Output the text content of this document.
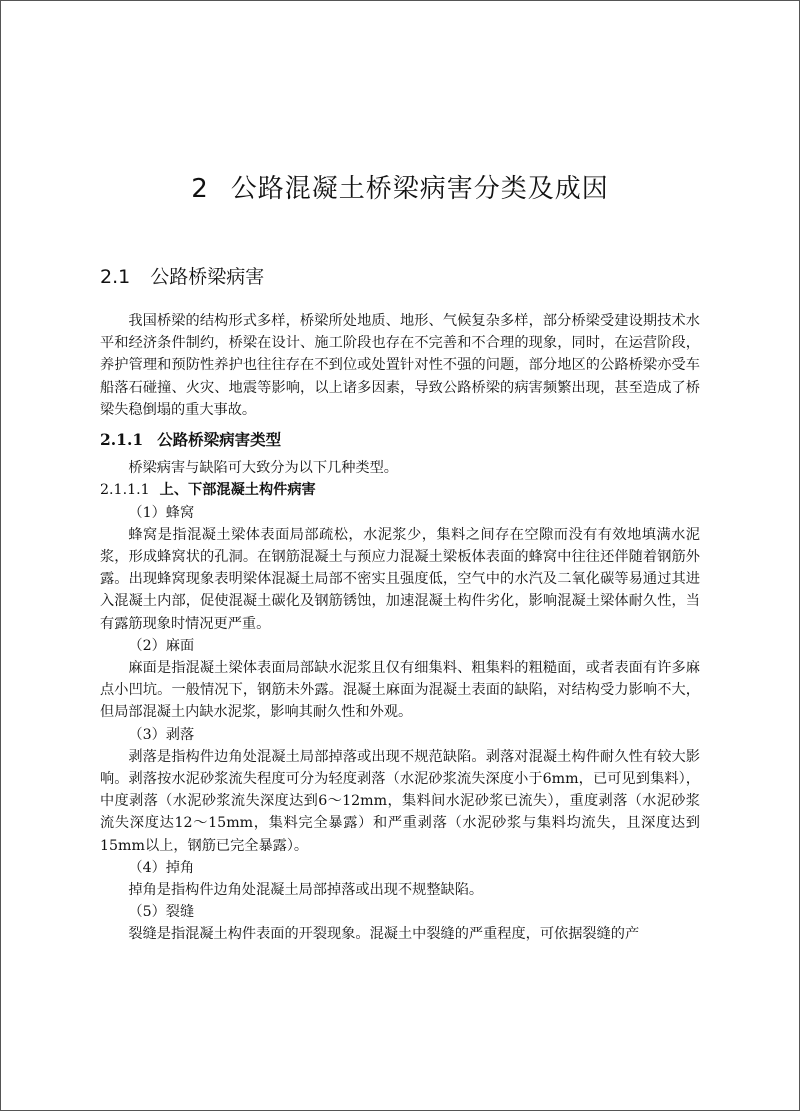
2 公路混凝土桥梁病害分类及成因
2.1 公路桥梁病害

我国桥梁的结构形式多样，桥梁所处地质、地形、气候复杂多样，部分桥梁受建设期技术水平和经济条件制约，桥梁在设计、施工阶段也存在不完善和不合理的现象，同时，在运营阶段，养护管理和预防性养护也往往存在不到位或处置针对性不强的问题，部分地区的公路桥梁亦受车船落石碰撞、火灾、地震等影响，以上诸多因素，导致公路桥梁的病害频繁出现，甚至造成了桥梁失稳倒塌的重大事故。

2.1.1 公路桥梁病害类型

桥梁病害与缺陷可大致分为以下几种类型。

2.1.1.1 上、下部混凝土构件病害

（1）蜂窝

蜂窝是指混凝土梁体表面局部疏松，水泥浆少，集料之间存在空隙而没有有效地填满水泥浆，形成蜂窝状的孔洞。在钢筋混凝土与预应力混凝土梁板体表面的蜂窝中往往还伴随着钢筋外露。出现蜂窝现象表明梁体混凝土局部不密实且强度低，空气中的水汽及二氧化碳等易通过其进入混凝土内部，促使混凝土碳化及钢筋锈蚀，加速混凝土构件劣化，影响混凝土梁体耐久性，当有露筋现象时情况更严重。

（2）麻面

麻面是指混凝土梁体表面局部缺水泥浆且仅有细集料、粗集料的粗糙面，或者表面有许多麻点小凹坑。一般情况下，钢筋未外露。混凝土麻面为混凝土表面的缺陷，对结构受力影响不大，但局部混凝土内缺水泥浆，影响其耐久性和外观。

（3）剥落

剥落是指构件边角处混凝土局部掉落或出现不规范缺陷。剥落对混凝土构件耐久性有较大影响。剥落按水泥砂浆流失程度可分为轻度剥落（水泥砂浆流失深度小于6mm，已可见到集料），中度剥落（水泥砂浆流失深度达到6～12mm，集料间水泥砂浆已流失），重度剥落（水泥砂浆流失深度达12～15mm，集料完全暴露）和严重剥落（水泥砂浆与集料均流失，且深度达到15mm以上，钢筋已完全暴露）。

（4）掉角

掉角是指构件边角处混凝土局部掉落或出现不规整缺陷。

（5）裂缝

裂缝是指混凝土构件表面的开裂现象。混凝土中裂缝的严重程度，可依据裂缝的产
